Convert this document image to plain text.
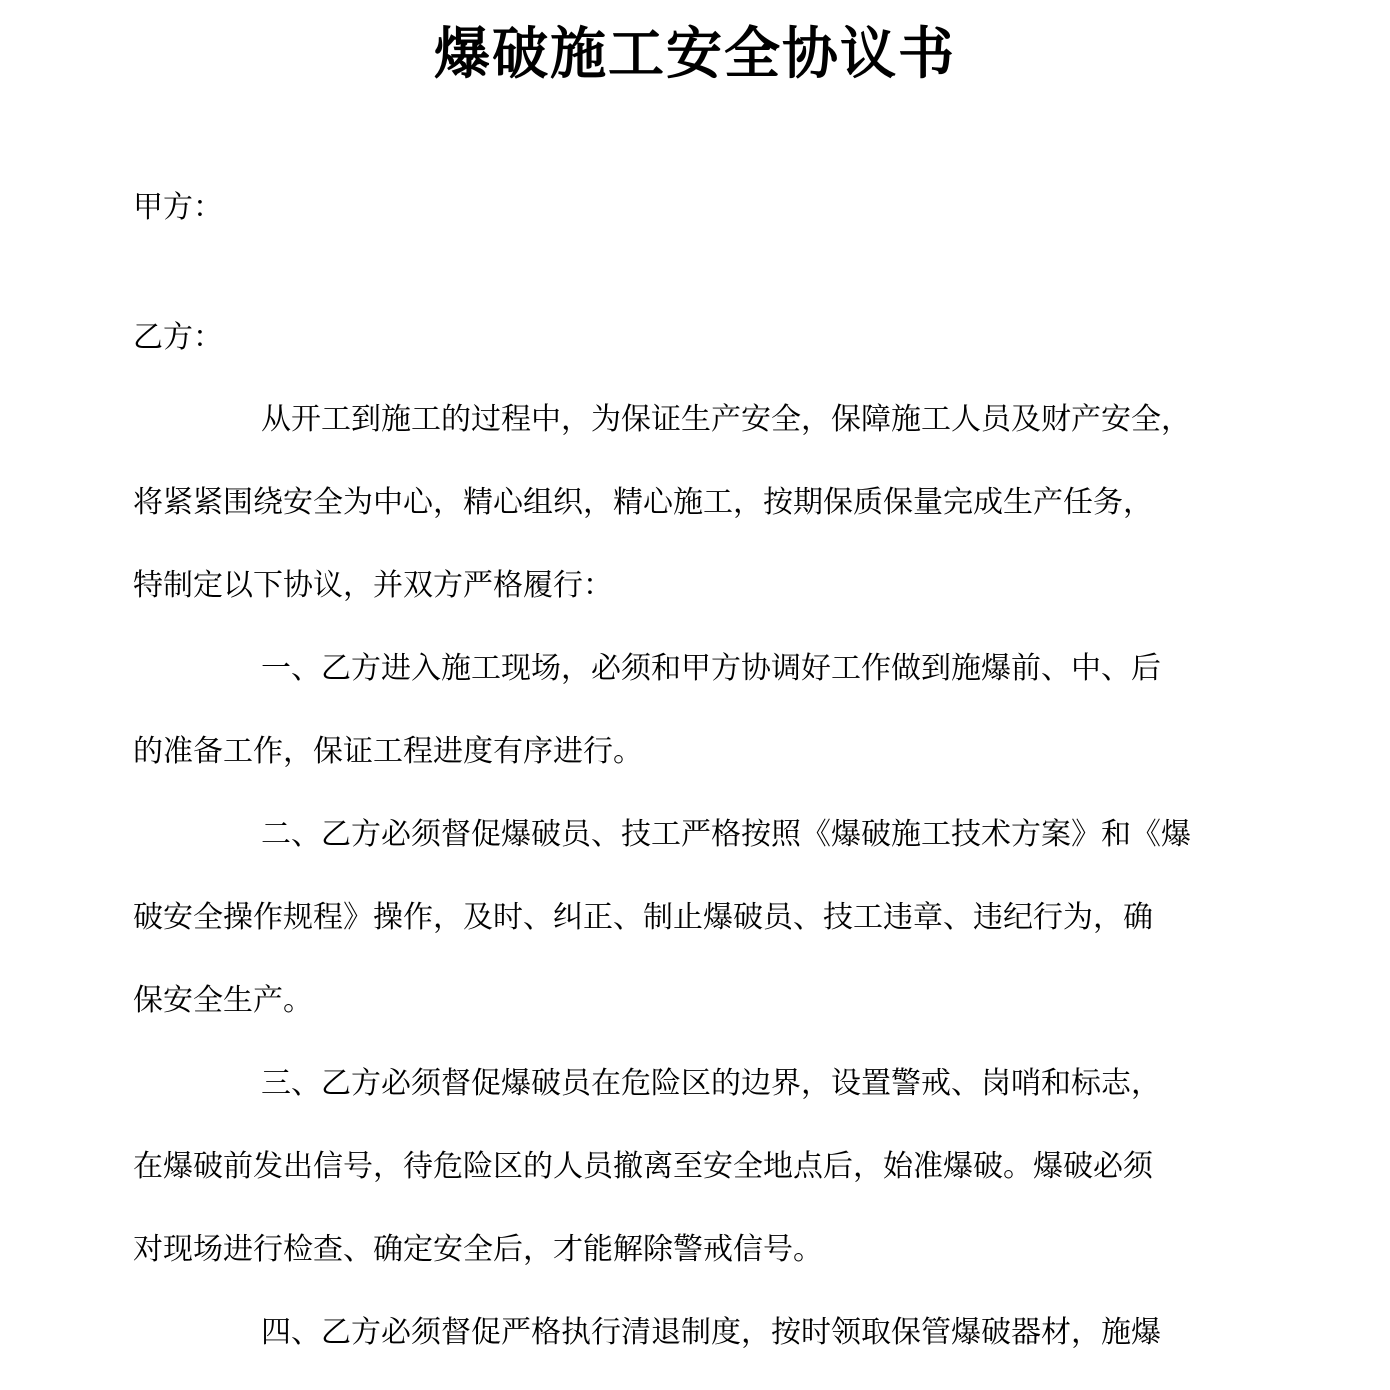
爆破施工安全协议书
甲方：
乙方：

从开工到施工的过程中，为保证生产安全，保障施工人员及财产安全，
将紧紧围绕安全为中心，精心组织，精心施工，按期保质保量完成生产任务，
特制定以下协议，并双方严格履行：

一、乙方进入施工现场，必须和甲方协调好工作做到施爆前、中、后
的准备工作，保证工程进度有序进行。

二、乙方必须督促爆破员、技工严格按照《爆破施工技术方案》和《爆
破安全操作规程》操作，及时、纠正、制止爆破员、技工违章、违纪行为，确
保安全生产。

三、乙方必须督促爆破员在危险区的边界，设置警戒、岗哨和标志，
在爆破前发出信号，待危险区的人员撤离至安全地点后，始准爆破。爆破必须
对现场进行检查、确定安全后，才能解除警戒信号。

四、乙方必须督促严格执行清退制度，按时领取保管爆破器材，施爆
